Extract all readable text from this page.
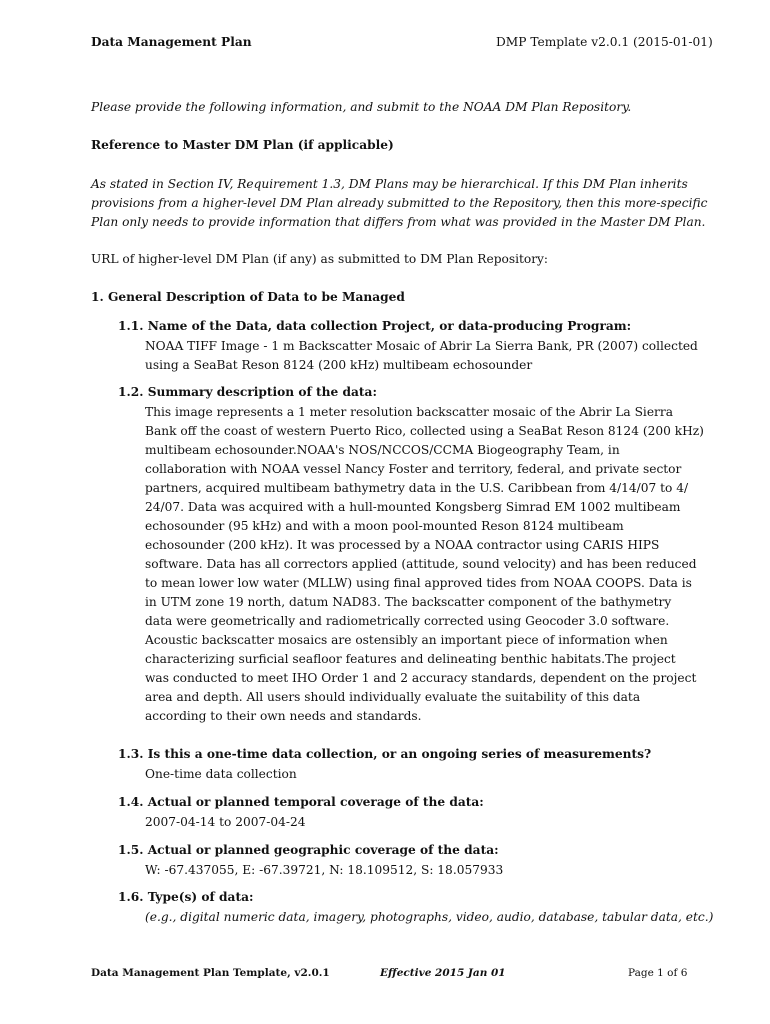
Data Management Plan	DMP Template v2.0.1 (2015-01-01)
Please provide the following information, and submit to the NOAA DM Plan Repository.
Reference to Master DM Plan (if applicable)
As stated in Section IV, Requirement 1.3, DM Plans may be hierarchical. If this DM Plan inherits
provisions from a higher-level DM Plan already submitted to the Repository, then this more-specific
Plan only needs to provide information that differs from what was provided in the Master DM Plan.
URL of higher-level DM Plan (if any) as submitted to DM Plan Repository:
1. General Description of Data to be Managed
1.1. Name of the Data, data collection Project, or data-producing Program:
NOAA TIFF Image - 1 m Backscatter Mosaic of Abrir La Sierra Bank, PR (2007) collected
using a SeaBat Reson 8124 (200 kHz) multibeam echosounder
1.2. Summary description of the data:
This image represents a 1 meter resolution backscatter mosaic of the Abrir La Sierra
Bank off the coast of western Puerto Rico, collected using a SeaBat Reson 8124 (200 kHz)
multibeam echosounder.NOAA's NOS/NCCOS/CCMA Biogeography Team, in
collaboration with NOAA vessel Nancy Foster and territory, federal, and private sector
partners, acquired multibeam bathymetry data in the U.S. Caribbean from 4/14/07 to 4/
24/07. Data was acquired with a hull-mounted Kongsberg Simrad EM 1002 multibeam
echosounder (95 kHz) and with a moon pool-mounted Reson 8124 multibeam
echosounder (200 kHz). It was processed by a NOAA contractor using CARIS HIPS
software. Data has all correctors applied (attitude, sound velocity) and has been reduced
to mean lower low water (MLLW) using final approved tides from NOAA COOPS. Data is
in UTM zone 19 north, datum NAD83. The backscatter component of the bathymetry
data were geometrically and radiometrically corrected using Geocoder 3.0 software.
Acoustic backscatter mosaics are ostensibly an important piece of information when
characterizing surficial seafloor features and delineating benthic habitats.The project
was conducted to meet IHO Order 1 and 2 accuracy standards, dependent on the project
area and depth. All users should individually evaluate the suitability of this data
according to their own needs and standards.
1.3. Is this a one-time data collection, or an ongoing series of measurements?
One-time data collection
1.4. Actual or planned temporal coverage of the data:
2007-04-14 to 2007-04-24
1.5. Actual or planned geographic coverage of the data:
W: -67.437055, E: -67.39721, N: 18.109512, S: 18.057933
1.6. Type(s) of data:
(e.g., digital numeric data, imagery, photographs, video, audio, database, tabular data, etc.)
Data Management Plan Template, v2.0.1	Effective 2015 Jan 01	Page 1 of 6
